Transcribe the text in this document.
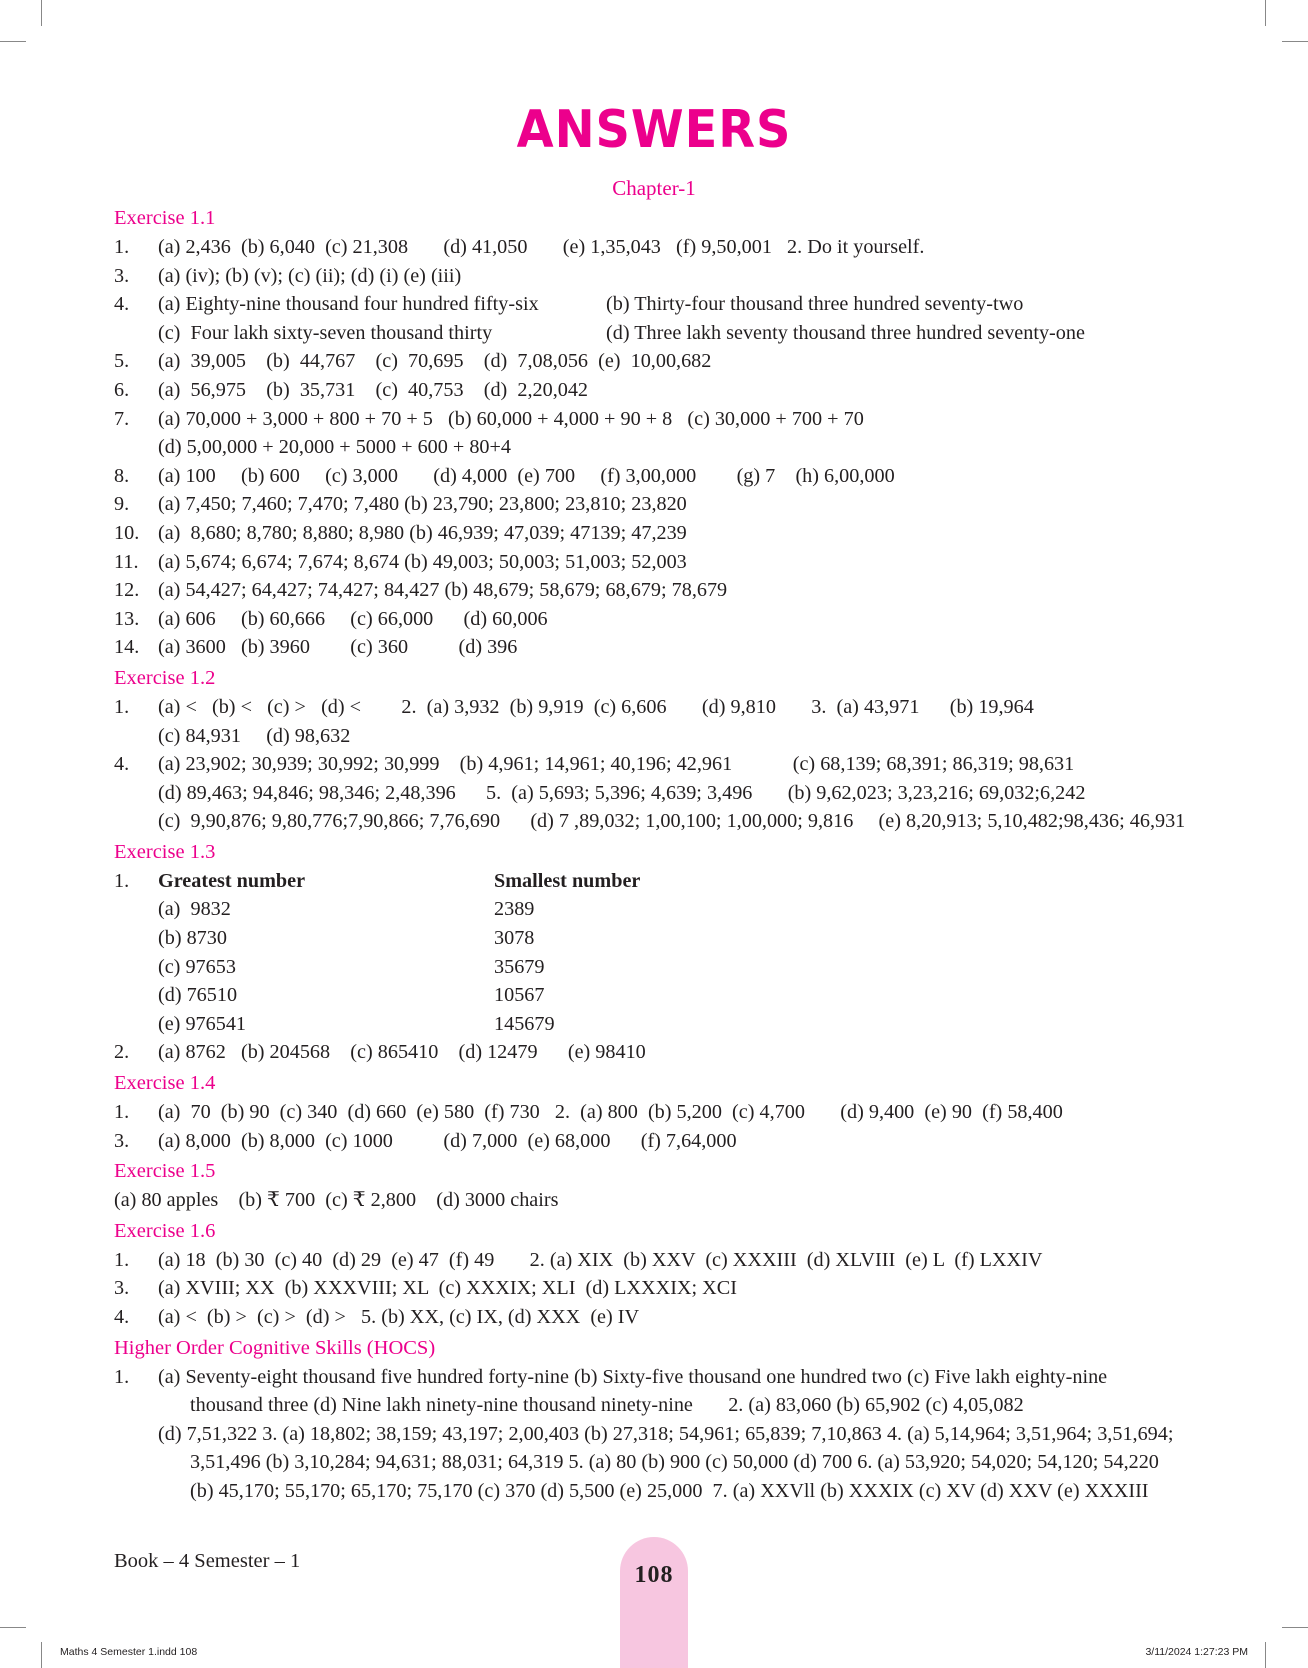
ANSWERS
Chapter-1
Exercise 1.1
1. (a) 2,436  (b) 6,040  (c) 21,308       (d) 41,050       (e) 1,35,043   (f) 9,50,001   2. Do it yourself.
3. (a) (iv); (b) (v); (c) (ii); (d) (i) (e) (iii)
4. (a) Eighty-nine thousand four hundred fifty-six	(b) Thirty-four thousand three hundred seventy-two
(c)  Four lakh sixty-seven thousand thirty	(d) Three lakh seventy thousand three hundred seventy-one
5. (a)  39,005    (b)  44,767    (c)  70,695    (d)  7,08,056  (e)  10,00,682
6. (a)  56,975    (b)  35,731    (c)  40,753    (d)  2,20,042
7. (a) 70,000 + 3,000 + 800 + 70 + 5   (b) 60,000 + 4,000 + 90 + 8   (c) 30,000 + 700 + 70
(d) 5,00,000 + 20,000 + 5000 + 600 + 80+4
8. (a) 100     (b) 600     (c) 3,000       (d) 4,000  (e) 700     (f) 3,00,000        (g) 7    (h) 6,00,000
9. (a) 7,450; 7,460; 7,470; 7,480 (b) 23,790; 23,800; 23,810; 23,820
10. (a)  8,680; 8,780; 8,880; 8,980 (b) 46,939; 47,039; 47139; 47,239
11. (a) 5,674; 6,674; 7,674; 8,674 (b) 49,003; 50,003; 51,003; 52,003
12. (a) 54,427; 64,427; 74,427; 84,427 (b) 48,679; 58,679; 68,679; 78,679
13. (a) 606     (b) 60,666     (c) 66,000      (d) 60,006
14. (a) 3600   (b) 3960        (c) 360          (d) 396
Exercise 1.2
1. (a) <   (b) <   (c) >   (d) <        2.  (a) 3,932  (b) 9,919  (c) 6,606       (d) 9,810       3.  (a) 43,971      (b) 19,964
(c) 84,931     (d) 98,632
4. (a) 23,902; 30,939; 30,992; 30,999    (b) 4,961; 14,961; 40,196; 42,961            (c) 68,139; 68,391; 86,319; 98,631
(d) 89,463; 94,846; 98,346; 2,48,396      5.  (a) 5,693; 5,396; 4,639; 3,496       (b) 9,62,023; 3,23,216; 69,032;6,242
(c)  9,90,876; 9,80,776;7,90,866; 7,76,690      (d) 7 ,89,032; 1,00,100; 1,00,000; 9,816     (e) 8,20,913; 5,10,482;98,436; 46,931
Exercise 1.3
1. Greatest number	Smallest number
(a)  9832	2389
(b) 8730	3078
(c) 97653	35679
(d) 76510	10567
(e) 976541	145679
2. (a) 8762   (b) 204568    (c) 865410    (d) 12479      (e) 98410
Exercise 1.4
1. (a)  70  (b) 90  (c) 340  (d) 660  (e) 580  (f) 730   2.  (a) 800  (b) 5,200  (c) 4,700       (d) 9,400  (e) 90  (f) 58,400
3. (a) 8,000  (b) 8,000  (c) 1000          (d) 7,000  (e) 68,000      (f) 7,64,000
Exercise 1.5
(a) 80 apples    (b) ₹ 700  (c) ₹ 2,800    (d) 3000 chairs
Exercise 1.6
1. (a) 18  (b) 30  (c) 40  (d) 29  (e) 47  (f) 49       2. (a) XIX  (b) XXV  (c) XXXIII  (d) XLVIII  (e) L  (f) LXXIV
3. (a) XVIII; XX  (b) XXXVIII; XL  (c) XXXIX; XLI  (d) LXXXIX; XCI
4. (a) <  (b) >  (c) >  (d) >   5. (b) XX, (c) IX, (d) XXX  (e) IV
Higher Order Cognitive Skills (HOCS)
1. (a) Seventy-eight thousand five hundred forty-nine (b) Sixty-five thousand one hundred two (c) Five lakh eighty-nine
thousand three (d) Nine lakh ninety-nine thousand ninety-nine       2. (a) 83,060 (b) 65,902 (c) 4,05,082
(d) 7,51,322 3. (a) 18,802; 38,159; 43,197; 2,00,403 (b) 27,318; 54,961; 65,839; 7,10,863 4. (a) 5,14,964; 3,51,964; 3,51,694;
3,51,496 (b) 3,10,284; 94,631; 88,031; 64,319 5. (a) 80 (b) 900 (c) 50,000 (d) 700 6. (a) 53,920; 54,020; 54,120; 54,220
(b) 45,170; 55,170; 65,170; 75,170 (c) 370 (d) 5,500 (e) 25,000  7. (a) XXVll (b) XXXIX (c) XV (d) XXV (e) XXXIII
Book – 4 Semester – 1
108
Maths 4 Semester 1.indd 108	3/11/2024 1:27:23 PM
